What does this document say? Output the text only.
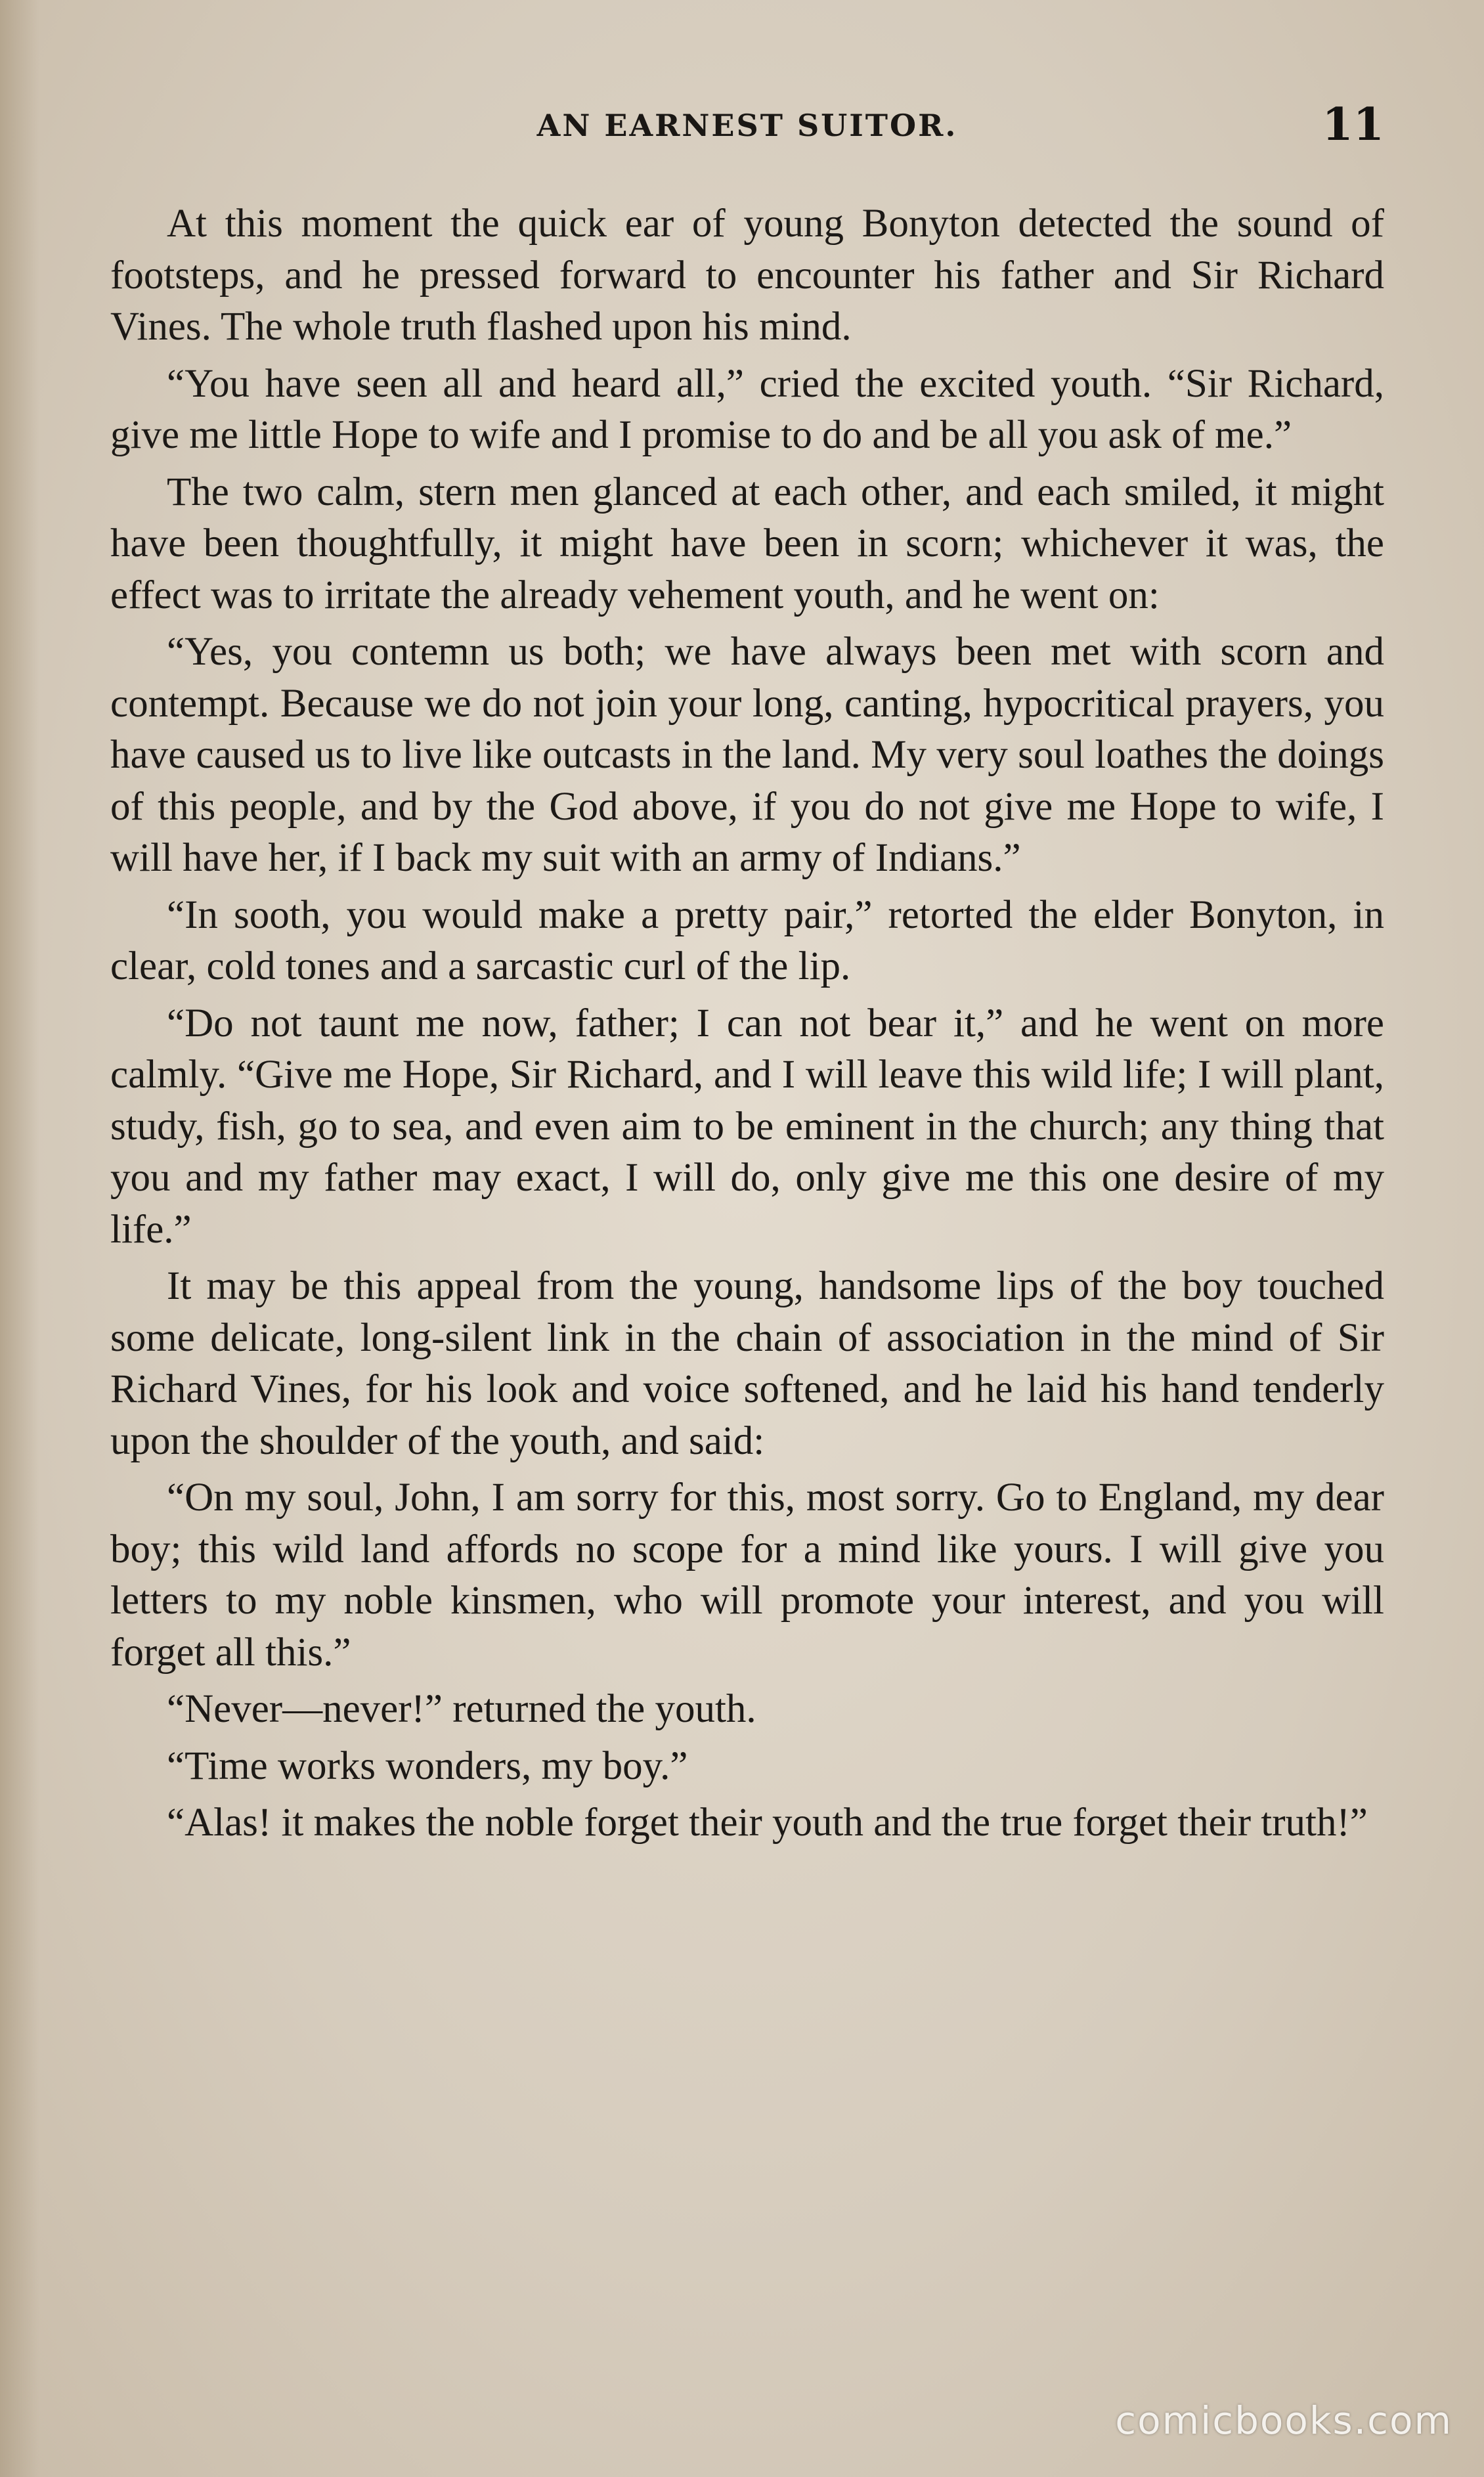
AN EARNEST SUITOR.	11

At this moment the quick ear of young Bonyton detected the sound of footsteps, and he pressed forward to encounter his father and Sir Richard Vines. The whole truth flashed upon his mind.

“You have seen all and heard all,” cried the excited youth. “Sir Richard, give me little Hope to wife and I promise to do and be all you ask of me.”

The two calm, stern men glanced at each other, and each smiled, it might have been thoughtfully, it might have been in scorn; whichever it was, the effect was to irritate the already vehement youth, and he went on:

“Yes, you contemn us both; we have always been met with scorn and contempt. Because we do not join your long, canting, hypocritical prayers, you have caused us to live like outcasts in the land. My very soul loathes the doings of this people, and by the God above, if you do not give me Hope to wife, I will have her, if I back my suit with an army of Indians.”

“In sooth, you would make a pretty pair,” retorted the elder Bonyton, in clear, cold tones and a sarcastic curl of the lip.

“Do not taunt me now, father; I can not bear it,” and he went on more calmly. “Give me Hope, Sir Richard, and I will leave this wild life; I will plant, study, fish, go to sea, and even aim to be eminent in the church; any thing that you and my father may exact, I will do, only give me this one desire of my life.”

It may be this appeal from the young, handsome lips of the boy touched some delicate, long-silent link in the chain of association in the mind of Sir Richard Vines, for his look and voice softened, and he laid his hand tenderly upon the shoulder of the youth, and said:

“On my soul, John, I am sorry for this, most sorry. Go to England, my dear boy; this wild land affords no scope for a mind like yours. I will give you letters to my noble kinsmen, who will promote your interest, and you will forget all this.”

“Never—never!” returned the youth.

“Time works wonders, my boy.”

“Alas! it makes the noble forget their youth and the true forget their truth!”

comicbooks.com
